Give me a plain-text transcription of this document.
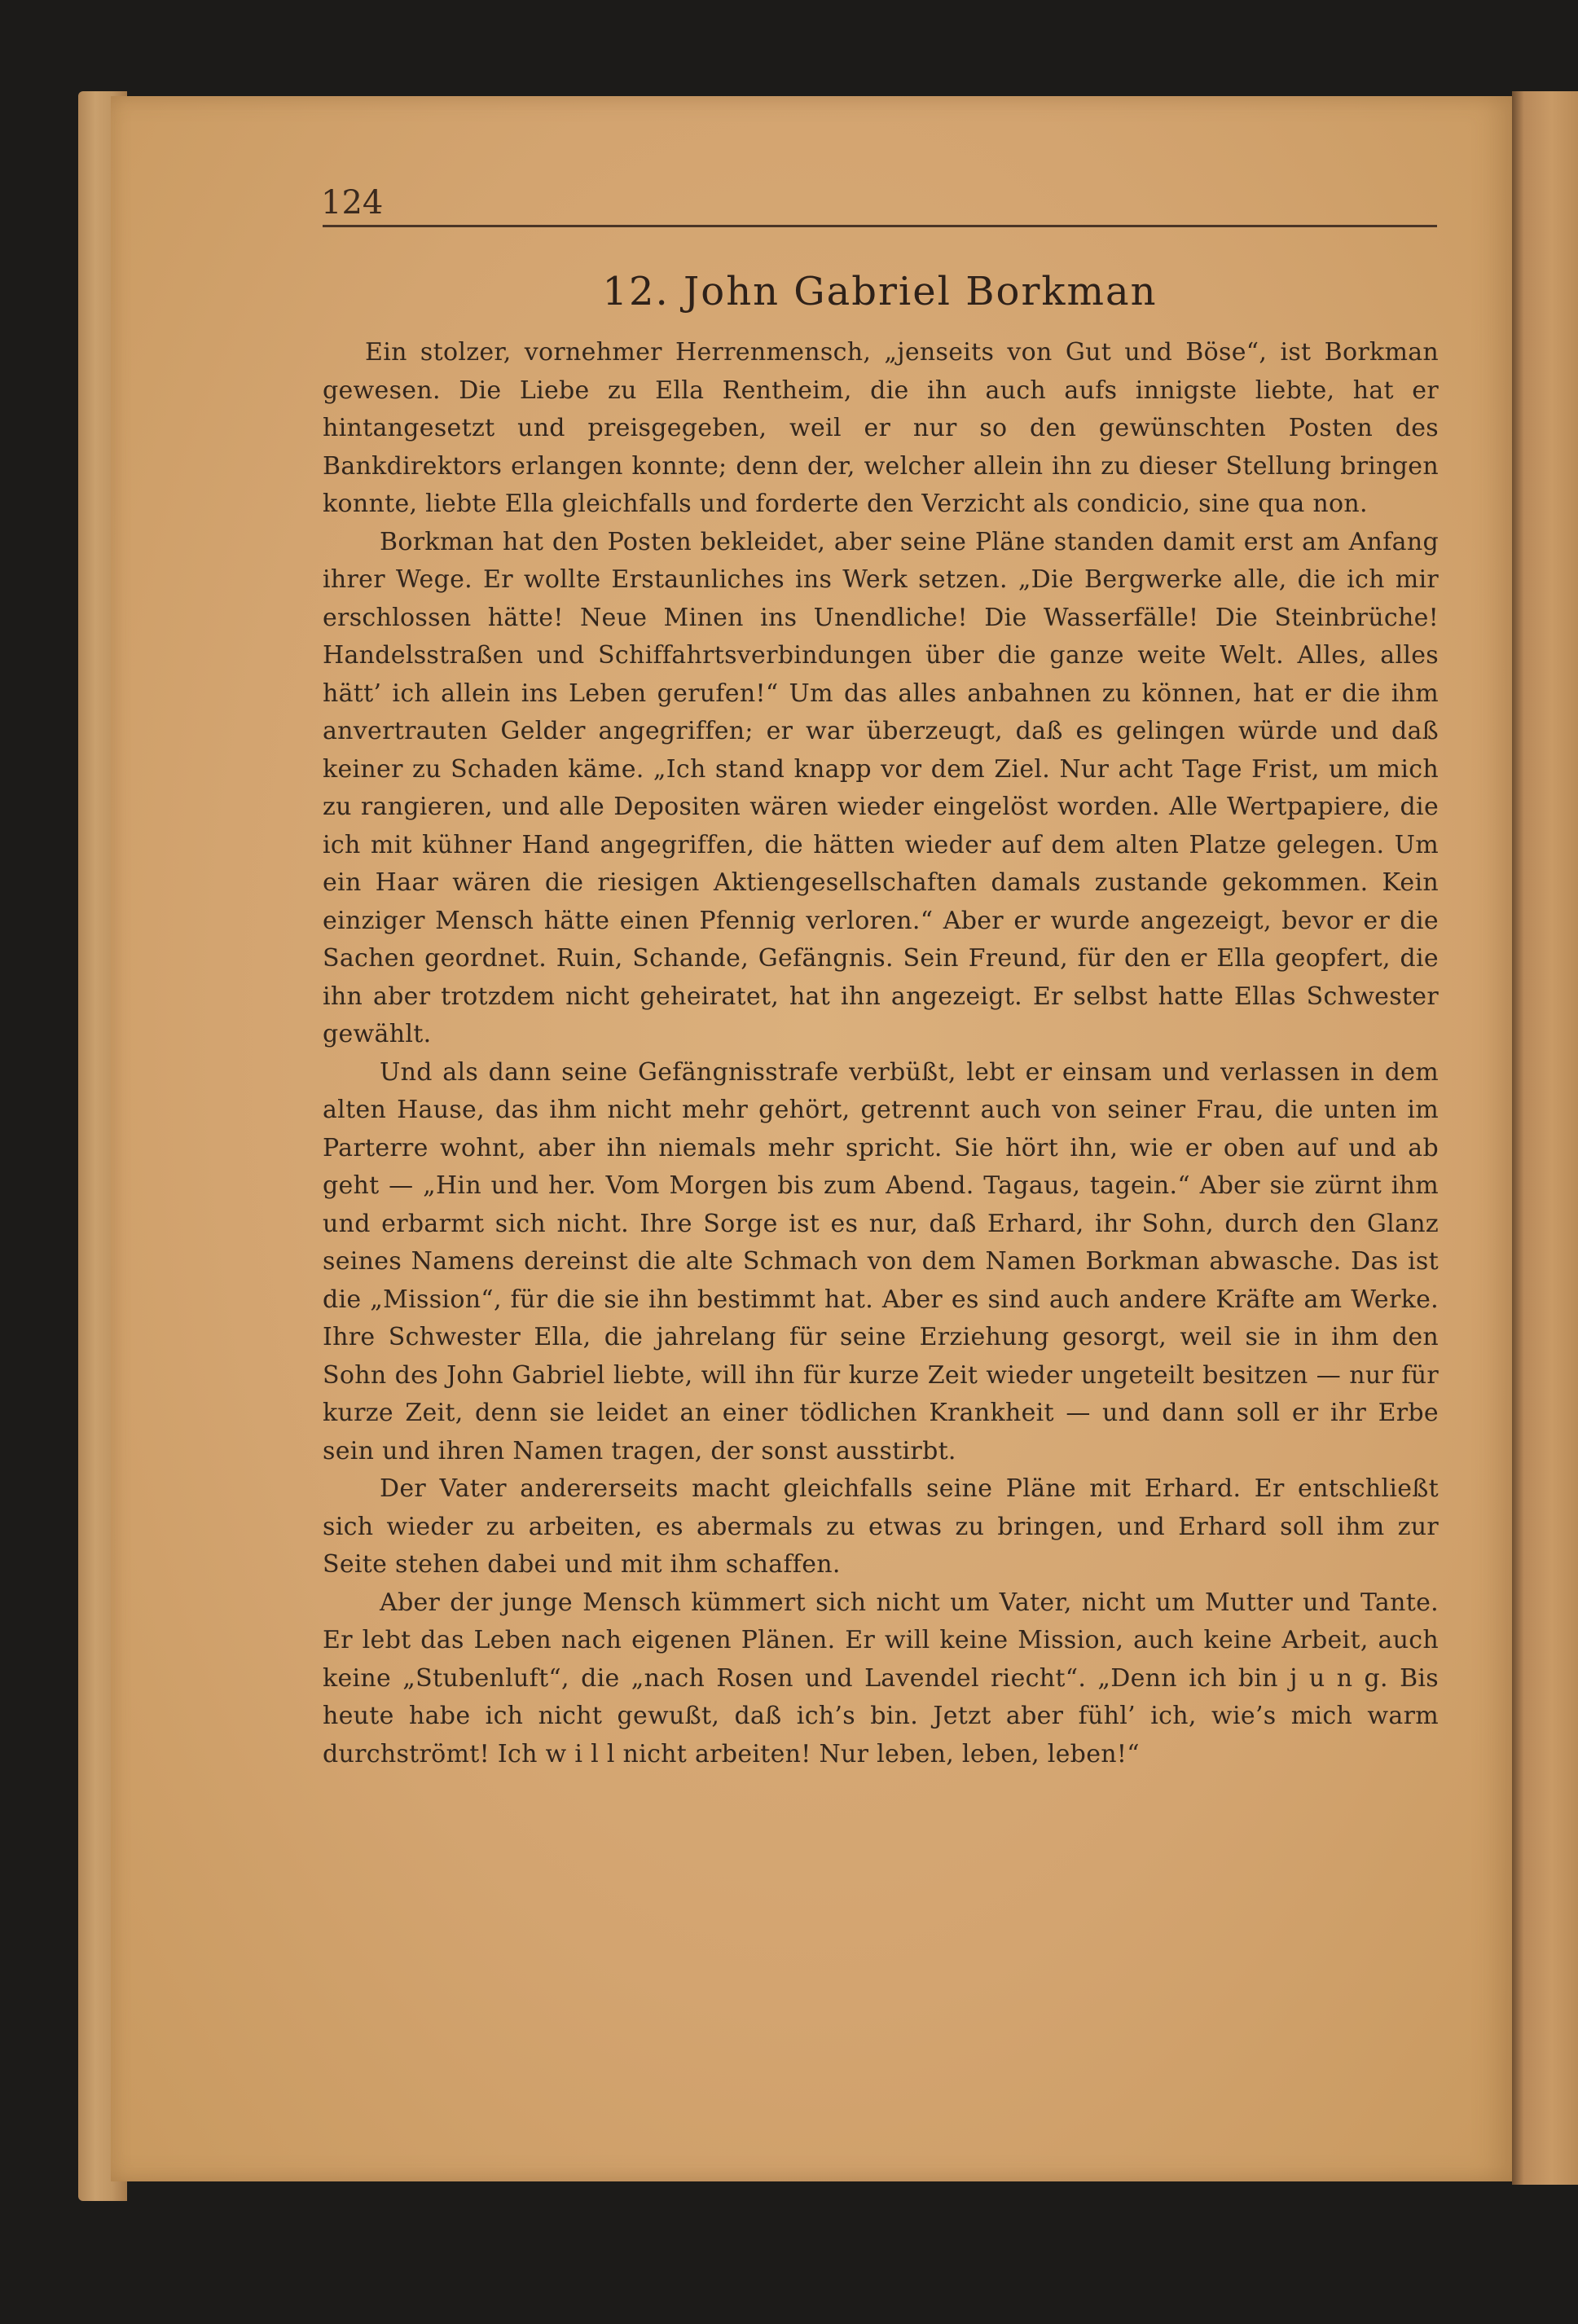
124
12. John Gabriel Borkman

Ein stolzer, vornehmer Herrenmensch, „jenseits von Gut und Böse“, ist Borkman gewesen. Die Liebe zu Ella Rentheim, die ihn auch aufs innigste liebte, hat er hintangesetzt und preisgegeben, weil er nur so den gewünschten Posten des Bankdirektors erlangen konnte; denn der, welcher allein ihn zu dieser Stellung bringen konnte, liebte Ella gleichfalls und forderte den Verzicht als condicio, sine qua non.

Borkman hat den Posten bekleidet, aber seine Pläne standen damit erst am Anfang ihrer Wege. Er wollte Erstaunliches ins Werk setzen. „Die Bergwerke alle, die ich mir erschlossen hätte! Neue Minen ins Unendliche! Die Wasserfälle! Die Steinbrüche! Handelsstraßen und Schiffahrtsverbindungen über die ganze weite Welt. Alles, alles hätt’ ich allein ins Leben gerufen!“ Um das alles anbahnen zu können, hat er die ihm anvertrauten Gelder angegriffen; er war überzeugt, daß es gelingen würde und daß keiner zu Schaden käme. „Ich stand knapp vor dem Ziel. Nur acht Tage Frist, um mich zu rangieren, und alle Depositen wären wieder eingelöst worden. Alle Wertpapiere, die ich mit kühner Hand angegriffen, die hätten wieder auf dem alten Platze gelegen. Um ein Haar wären die riesigen Aktiengesellschaften damals zustande gekommen. Kein einziger Mensch hätte einen Pfennig verloren.“ Aber er wurde angezeigt, bevor er die Sachen geordnet. Ruin, Schande, Gefängnis. Sein Freund, für den er Ella geopfert, die ihn aber trotzdem nicht geheiratet, hat ihn angezeigt. Er selbst hatte Ellas Schwester gewählt.

Und als dann seine Gefängnisstrafe verbüßt, lebt er einsam und verlassen in dem alten Hause, das ihm nicht mehr gehört, getrennt auch von seiner Frau, die unten im Parterre wohnt, aber ihn niemals mehr spricht. Sie hört ihn, wie er oben auf und ab geht — „Hin und her. Vom Morgen bis zum Abend. Tagaus, tagein.“ Aber sie zürnt ihm und erbarmt sich nicht. Ihre Sorge ist es nur, daß Erhard, ihr Sohn, durch den Glanz seines Namens dereinst die alte Schmach von dem Namen Borkman abwasche. Das ist die „Mission“, für die sie ihn bestimmt hat. Aber es sind auch andere Kräfte am Werke. Ihre Schwester Ella, die jahrelang für seine Erziehung gesorgt, weil sie in ihm den Sohn des John Gabriel liebte, will ihn für kurze Zeit wieder ungeteilt besitzen — nur für kurze Zeit, denn sie leidet an einer tödlichen Krankheit — und dann soll er ihr Erbe sein und ihren Namen tragen, der sonst ausstirbt.

Der Vater andererseits macht gleichfalls seine Pläne mit Erhard. Er entschließt sich wieder zu arbeiten, es abermals zu etwas zu bringen, und Erhard soll ihm zur Seite stehen dabei und mit ihm schaffen.

Aber der junge Mensch kümmert sich nicht um Vater, nicht um Mutter und Tante. Er lebt das Leben nach eigenen Plänen. Er will keine Mission, auch keine Arbeit, auch keine „Stubenluft“, die „nach Rosen und Lavendel riecht“. „Denn ich bin j u n g. Bis heute habe ich nicht gewußt, daß ich’s bin. Jetzt aber fühl’ ich, wie’s mich warm durchströmt! Ich w i l l nicht arbeiten! Nur leben, leben, leben!“
